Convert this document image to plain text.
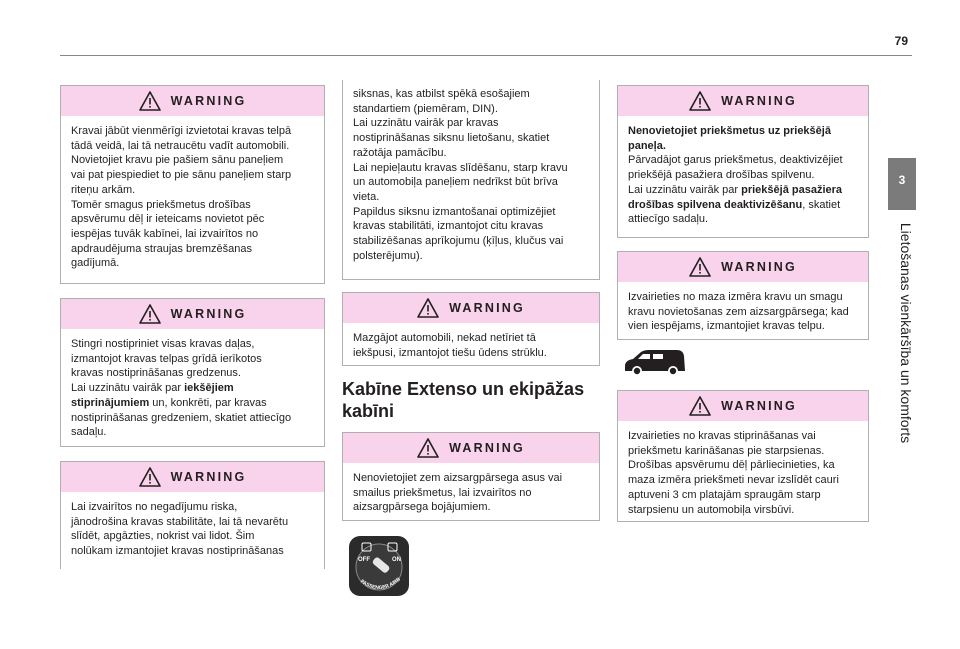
79
3
Lietošanas vienkāršība un komforts
WARNING

Kravai jābūt vienmērīgi izvietotai kravas telpā

tādā veidā, lai tā netraucētu vadīt automobili.

Novietojiet kravu pie pašiem sānu paneļiem

vai pat piespiediet to pie sānu paneļiem starp

riteņu arkām.

Tomēr smagus priekšmetus drošības

apsvērumu dēļ ir ieteicams novietot pēc

iespējas tuvāk kabīnei, lai izvairītos no

apdraudējuma straujas bremzēšanas

gadījumā.

WARNING

Stingri nostipriniet visas kravas daļas,

izmantojot kravas telpas grīdā ierīkotos

kravas nostiprināšanas gredzenus.

Lai uzzinātu vairāk par iekšējiem

stiprinājumiem un, konkrēti, par kravas

nostiprināšanas gredzeniem, skatiet attiecīgo

sadaļu.

WARNING

Lai izvairītos no negadījumu riska,

jānodrošina kravas stabilitāte, lai tā nevarētu

slīdēt, apgāzties, nokrist vai lidot. Šim

nolūkam izmantojiet kravas nostiprināšanas

siksnas, kas atbilst spēkā esošajiem

standartiem (piemēram, DIN).

Lai uzzinātu vairāk par kravas

nostiprināšanas siksnu lietošanu, skatiet

ražotāja pamācību.

Lai nepieļautu kravas slīdēšanu, starp kravu

un automobiļa paneļiem nedrīkst būt brīva

vieta.

Papildus siksnu izmantošanai optimizējiet

kravas stabilitāti, izmantojot citu kravas

stabilizēšanas aprīkojumu (ķīļus, klučus vai

polsterējumu).

WARNING

Mazgājot automobili, nekad netīriet tā

iekšpusi, izmantojot tiešu ūdens strūklu.

Kabīne Extenso un ekipāžas
kabīni
WARNING

Nenovietojiet zem aizsargpārsega asus vai

smailus priekšmetus, lai izvairītos no

aizsargpārsega bojājumiem.

OFF	ON
PASSENGER AIRB
WARNING

Nenovietojiet priekšmetus uz priekšējā

paneļa.

Pārvadājot garus priekšmetus, deaktivizējiet

priekšējā pasažiera drošības spilvenu.

Lai uzzinātu vairāk par priekšējā pasažiera

drošības spilvena deaktivizēšanu, skatiet

attiecīgo sadaļu.

WARNING

Izvairieties no maza izmēra kravu un smagu

kravu novietošanas zem aizsargpārsega; kad

vien iespējams, izmantojiet kravas telpu.

WARNING

Izvairieties no kravas stiprināšanas vai

priekšmetu karināšanas pie starpsienas.

Drošības apsvērumu dēļ pārliecinieties, ka

maza izmēra priekšmeti nevar izslīdēt cauri

aptuveni 3 cm platajām spraugām starp

starpsienu un automobiļa virsbūvi.
